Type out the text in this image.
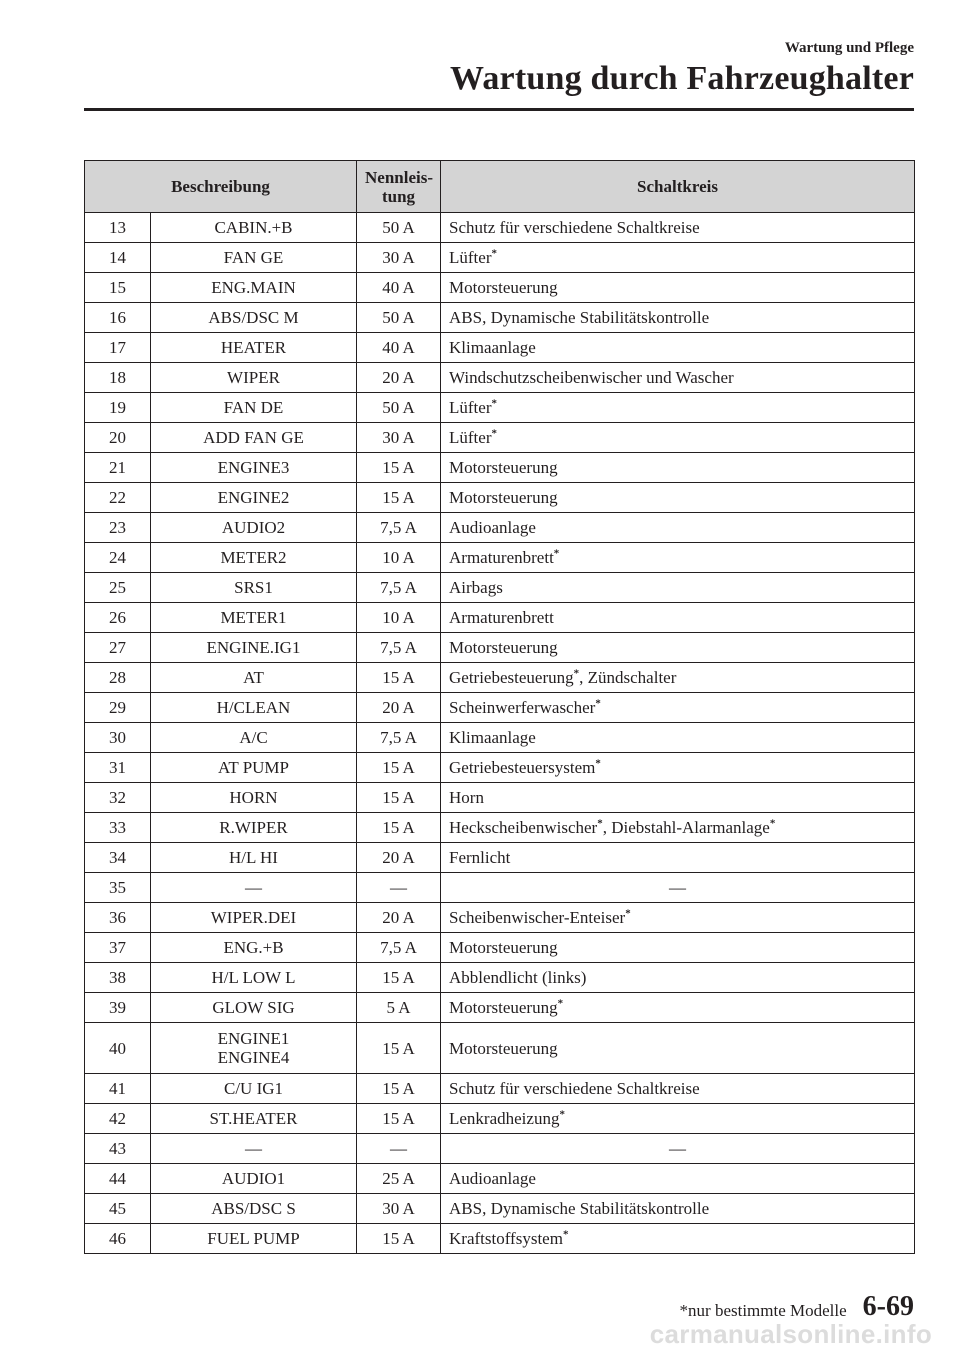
Wartung und Pflege
Wartung durch Fahrzeughalter
Beschreibung		Nennleis-
tung	Schaltkreis
13	CABIN.+B	50 A	Schutz für verschiedene Schaltkreise
14	FAN GE	30 A	Lüfter*
15	ENG.MAIN	40 A	Motorsteuerung
16	ABS/DSC M	50 A	ABS, Dynamische Stabilitätskontrolle
17	HEATER	40 A	Klimaanlage
18	WIPER	20 A	Windschutzscheibenwischer und Wascher
19	FAN DE	50 A	Lüfter*
20	ADD FAN GE	30 A	Lüfter*
21	ENGINE3	15 A	Motorsteuerung
22	ENGINE2	15 A	Motorsteuerung
23	AUDIO2	7,5 A	Audioanlage
24	METER2	10 A	Armaturenbrett*
25	SRS1	7,5 A	Airbags
26	METER1	10 A	Armaturenbrett
27	ENGINE.IG1	7,5 A	Motorsteuerung
28	AT	15 A	Getriebesteuerung*, Zündschalter
29	H/CLEAN	20 A	Scheinwerferwascher*
30	A/C	7,5 A	Klimaanlage
31	AT PUMP	15 A	Getriebesteuersystem*
32	HORN	15 A	Horn
33	R.WIPER	15 A	Heckscheibenwischer*, Diebstahl-Alarmanlage*
34	H/L HI	20 A	Fernlicht
35	―	―	―
36	WIPER.DEI	20 A	Scheibenwischer-Enteiser*
37	ENG.+B	7,5 A	Motorsteuerung
38	H/L LOW L	15 A	Abblendlicht (links)
39	GLOW SIG	5 A	Motorsteuerung*
40	ENGINE1
ENGINE4	15 A	Motorsteuerung
41	C/U IG1	15 A	Schutz für verschiedene Schaltkreise
42	ST.HEATER	15 A	Lenkradheizung*
43	―	―	―
44	AUDIO1	25 A	Audioanlage
45	ABS/DSC S	30 A	ABS, Dynamische Stabilitätskontrolle
46	FUEL PUMP	15 A	Kraftstoffsystem*
*nur bestimmte Modelle 6-69
carmanualsonline.info
